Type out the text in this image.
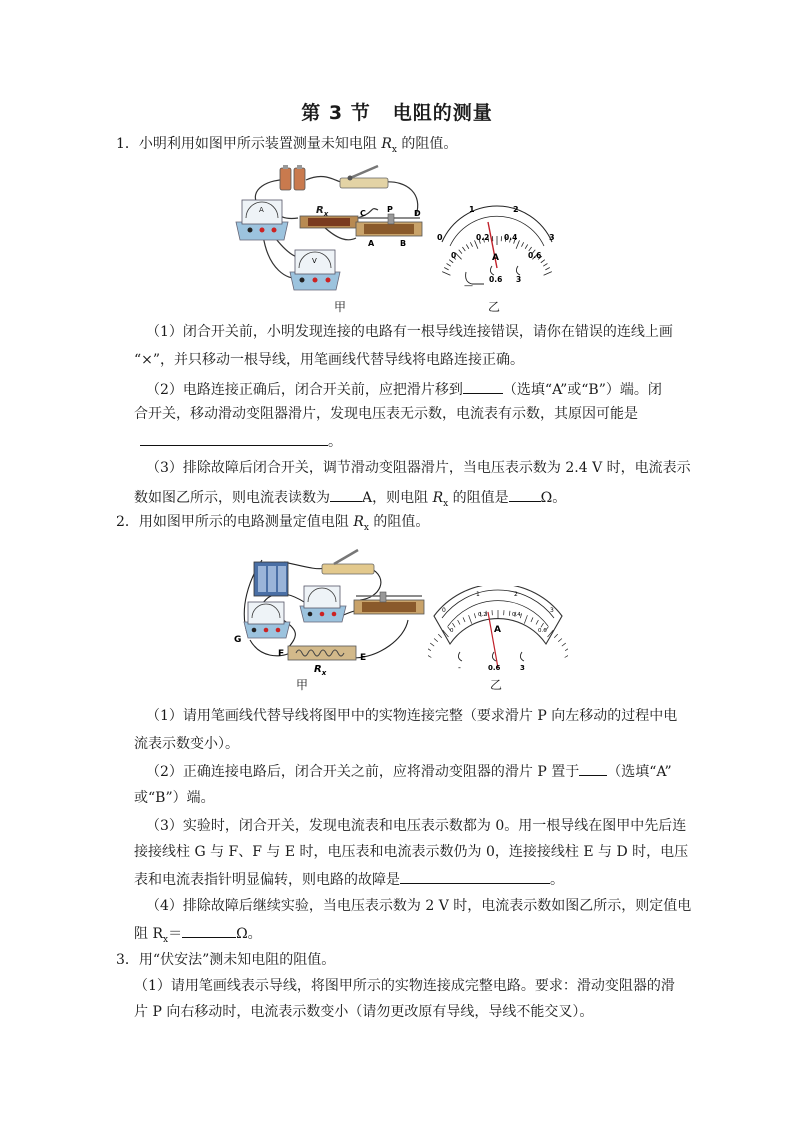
第 3 节 电阻的测量
1．小明利用如图甲所示装置测量未知电阻 $R_x$ 的阻值。
A	$R_x$	C	P	D
A	B
V
甲
0
1	2
3
0
0.2 0.4
0.6
A
—
0.6 3
乙
（1）闭合开关前，小明发现连接的电路有一根导线连接错误，请你在错误的连线上画
“×”，并只移动一根导线，用笔画线代替导线将电路连接正确。
（2）电路连接正确后，闭合开关前，应把滑片移到	（选填“A”或“B”）端。闭
合开关，移动滑动变阻器滑片，发现电压表无示数，电流表有示数，其原因可能是
。
（3）排除故障后闭合开关，调节滑动变阻器滑片，当电压表示数为 2.4 V 时，电流表示
数如图乙所示，则电流表读数为 A，则电阻 $R_x$ 的阻值是 Ω。
2．用如图甲所示的电路测量定值电阻 $R_x$ 的阻值。
$R_x$
G
F	E
甲
0
1	2
3
0
0.2	0.4
0.6
A
-	0.6	3
乙
（1）请用笔画线代替导线将图甲中的实物连接完整（要求滑片 P 向左移动的过程中电
流表示数变小）。
（2）正确连接电路后，闭合开关之前，应将滑动变阻器的滑片 P 置于 （选填“A”
或“B”）端。
（3）实验时，闭合开关，发现电流表和电压表示数都为 0。用一根导线在图甲中先后连
接接线柱 G 与 F、F 与 E 时，电压表和电流表示数仍为 0，连接接线柱 E 与 D 时，电压
表和电流表指针明显偏转，则电路的故障是	。
（4）排除故障后继续实验，当电压表示数为 2 V 时，电流表示数如图乙所示，则定值电
阻 $R_x=$	Ω。
3．用“伏安法”测未知电阻的阻值。
（1）请用笔画线表示导线，将图甲所示的实物连接成完整电路。要求：滑动变阻器的滑
片 P 向右移动时，电流表示数变小（请勿更改原有导线，导线不能交叉）。
